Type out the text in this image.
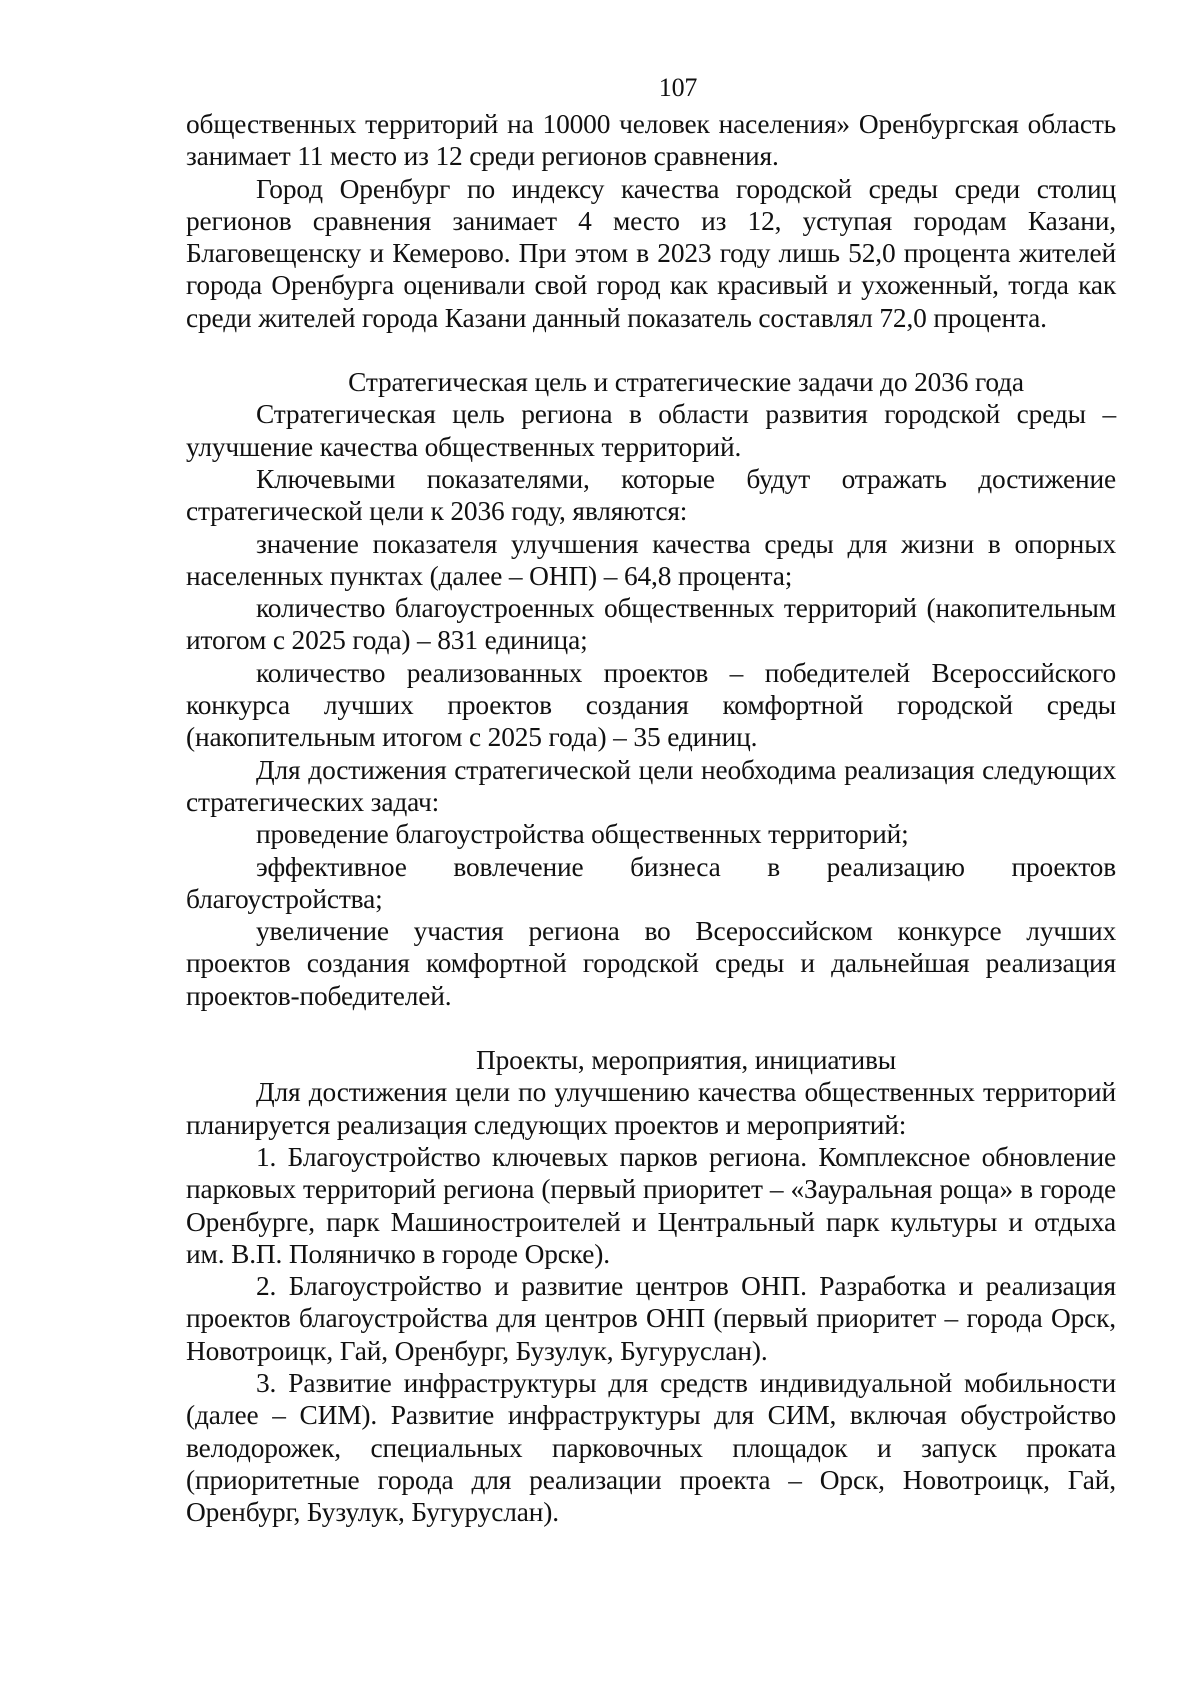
107

общественных территорий на 10000 человек населения» Оренбургская область занимает 11 место из 12 среди регионов сравнения.

Город Оренбург по индексу качества городской среды среди столиц регионов сравнения занимает 4 место из 12, уступая городам Казани, Благовещенску и Кемерово. При этом в 2023 году лишь 52,0 процента жителей города Оренбурга оценивали свой город как красивый и ухоженный, тогда как среди жителей города Казани данный показатель составлял 72,0 процента.

Стратегическая цель и стратегические задачи до 2036 года

Стратегическая цель региона в области развития городской среды – улучшение качества общественных территорий.

Ключевыми показателями, которые будут отражать достижение стратегической цели к 2036 году, являются:

значение показателя улучшения качества среды для жизни в опорных населенных пунктах (далее – ОНП) – 64,8 процента;

количество благоустроенных общественных территорий (накопительным итогом с 2025 года) – 831 единица;

количество реализованных проектов – победителей Всероссийского конкурса лучших проектов создания комфортной городской среды (накопительным итогом с 2025 года) – 35 единиц.

Для достижения стратегической цели необходима реализация следующих стратегических задач:

проведение благоустройства общественных территорий;

эффективное вовлечение бизнеса в реализацию проектов благоустройства;

увеличение участия региона во Всероссийском конкурсе лучших проектов создания комфортной городской среды и дальнейшая реализация проектов-победителей.

Проекты, мероприятия, инициативы

Для достижения цели по улучшению качества общественных территорий планируется реализация следующих проектов и мероприятий:

1. Благоустройство ключевых парков региона. Комплексное обновление парковых территорий региона (первый приоритет – «Зауральная роща» в городе Оренбурге, парк Машиностроителей и Центральный парк культуры и отдыха им. В.П. Поляничко в городе Орске).

2. Благоустройство и развитие центров ОНП. Разработка и реализация проектов благоустройства для центров ОНП (первый приоритет – города Орск, Новотроицк, Гай, Оренбург, Бузулук, Бугуруслан).

3. Развитие инфраструктуры для средств индивидуальной мобильности (далее – СИМ). Развитие инфраструктуры для СИМ, включая обустройство велодорожек, специальных парковочных площадок и запуск проката (приоритетные города для реализации проекта – Орск, Новотроицк, Гай, Оренбург, Бузулук, Бугуруслан).
